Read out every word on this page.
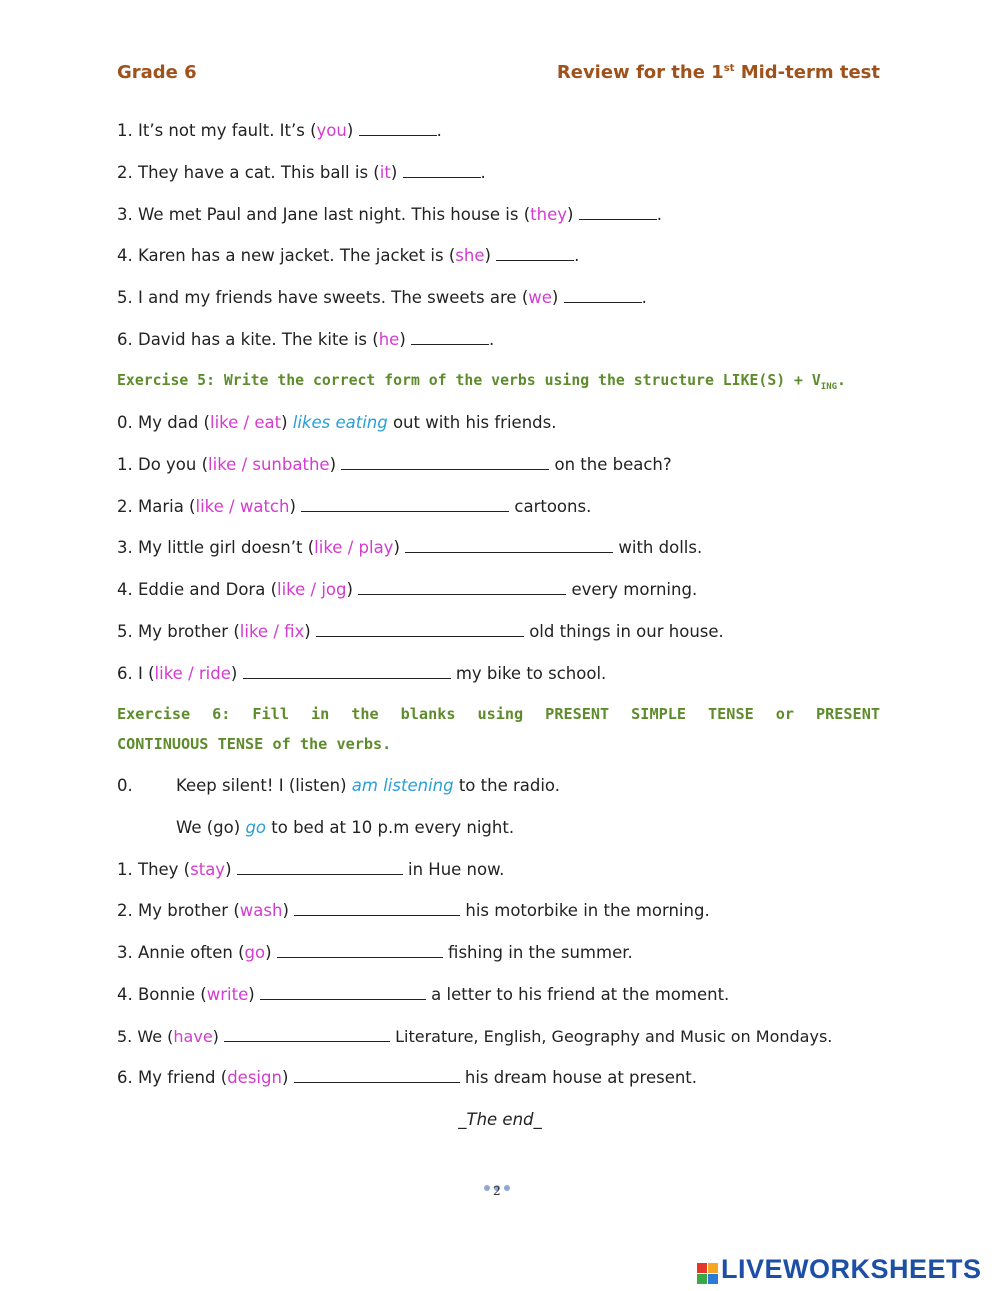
Grade 6	Review for the 1st Mid-term test
1. It’s not my fault. It’s (you)	.
2. They have a cat. This ball is (it)	.
3. We met Paul and Jane last night. This house is (they)	.
4. Karen has a new jacket. The jacket is (she)	.
5. I and my friends have sweets. The sweets are (we)	.
6. David has a kite. The kite is (he)	.
Exercise 5: Write the correct form of the verbs using the structure LIKE(S) + $V_{ING}$.
0. My dad (like / eat) likes eating out with his friends.
1. Do you (like / sunbathe)	on the beach?
2. Maria (like / watch)	cartoons.
3. My little girl doesn’t (like / play)	with dolls.
4. Eddie and Dora (like / jog)	every morning.
5. My brother (like / fix)	old things in our house.
6. I (like / ride)	my bike to school.
Exercise 6: Fill in the blanks using PRESENT SIMPLE TENSE or PRESENT
CONTINUOUS TENSE of the verbs.
0.	Keep silent! I (listen) am listening to the radio.
We (go) go to bed at 10 p.m every night.
1. They (stay)	in Hue now.
2. My brother (wash)	his motorbike in the morning.
3. Annie often (go)	fishing in the summer.
4. Bonnie (write)	a letter to his friend at the moment.
5. We (have)	Literature, English, Geography and Music on Mondays.
6. My friend (design)	his dream house at present.
_The end_
2
LIVEWORKSHEETS
